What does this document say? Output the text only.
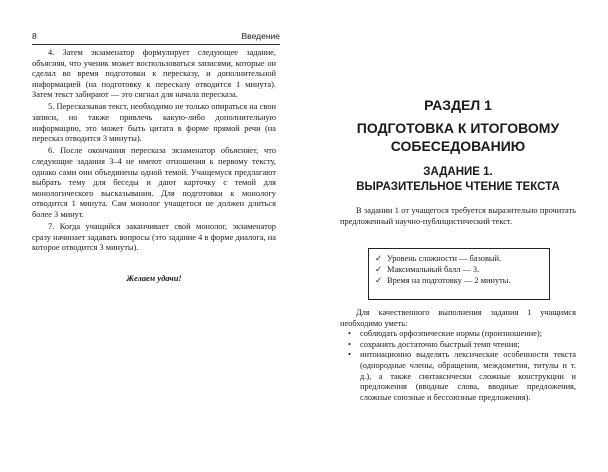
8	Введение

4. Затем экзаменатор формулирует следующее задание, объясняя, что ученик может воспользоваться записями, которые он сделал во время подготовки к пересказу, и дополнительной информацией (на подготовку к пересказу отводится 1 минута). Затем текст забирают — это сигнал для начала пересказа.

5. Пересказывая текст, необходимо не только опираться на свои записи, но также привлечь какую-либо дополнительную информацию, это может быть цитата в форме прямой речи (на пересказ отводится 3 минуты).

6. После окончания пересказа экзаменатор объясняет, что следующие задания 3–4 не имеют отношения к первому тексту, однако сами они объединены одной темой. Учащемуся предлагают выбрать тему для беседы и дают карточку с темой для монологического высказывания. Для подготовки к монологу отводится 1 минута. Сам монолог учащегося не должен длиться более 3 минут.

7. Когда учащийся заканчивает свой монолог, экзаменатор сразу начинает задавать вопросы (это задание 4 в форме диалога, на которое отводится 3 минуты).

Желаем удачи!

РАЗДЕЛ 1
ПОДГОТОВКА К ИТОГОВОМУ СОБЕСЕДОВАНИЮ
ЗАДАНИЕ 1.
ВЫРАЗИТЕЛЬНОЕ ЧТЕНИЕ ТЕКСТА

В задании 1 от учащегося требуется выразительно прочитать предложенный научно-публицистический текст.

✓ Уровень сложности — базовый.
✓ Максимальный балл — 3.
✓ Время на подготовку — 2 минуты.

Для качественного выполнения задания 1 учащимся необходимо уметь:

•	соблюдать орфоэпические нормы (произношение);
•	сохранять достаточно быстрый темп чтения;
•	интонационно выделять лексические особенности текста (однородные члены, обращения, междометия, титулы и т. д.), а также синтаксически сложные конструкции и предложения (вводные слова, вводные предложения, сложные союзные и бессоюзные предложения).
